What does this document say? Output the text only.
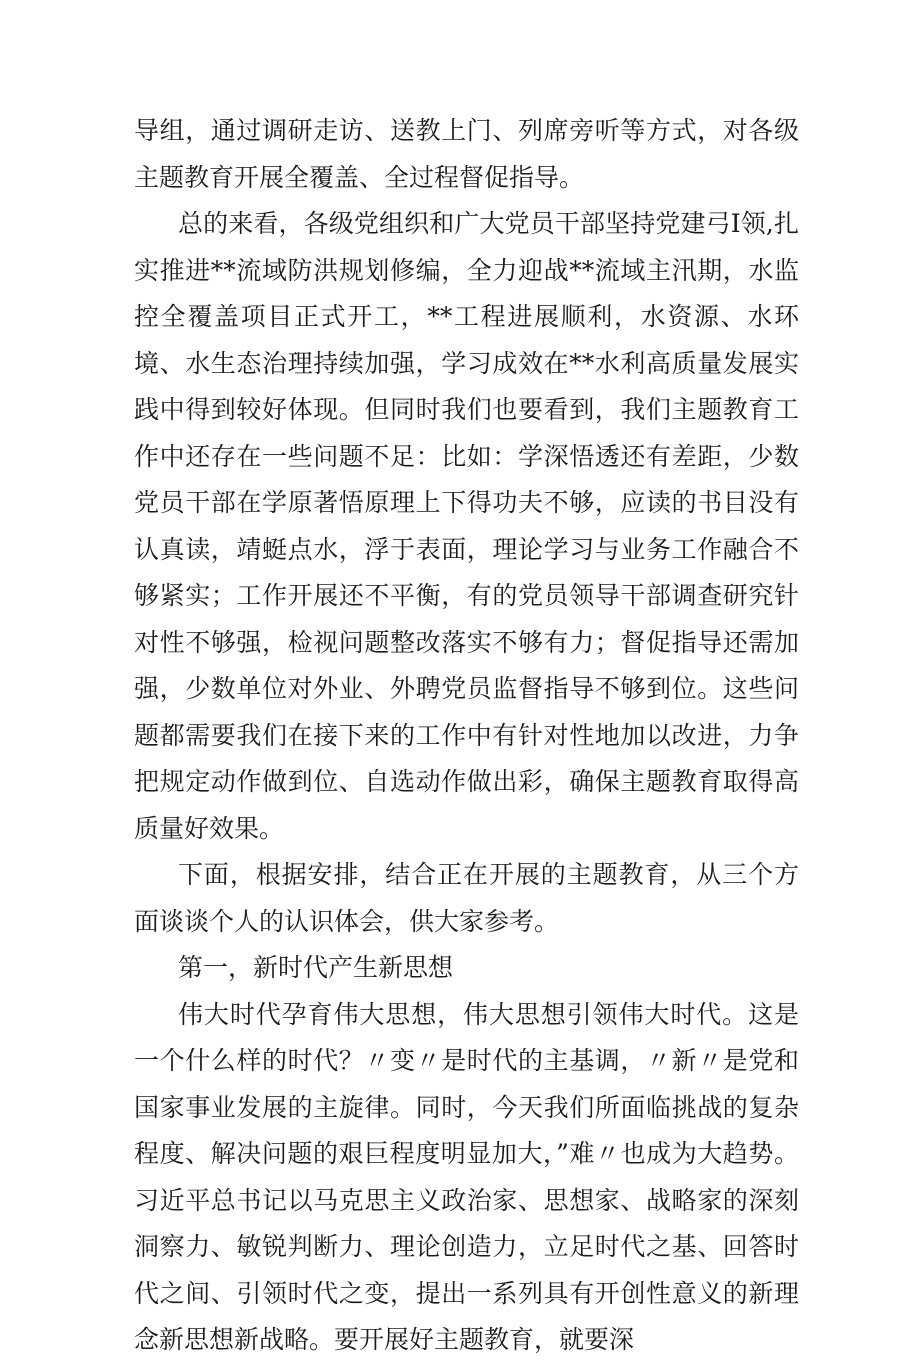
导组，通过调研走访、送教上门、列席旁听等方式，对各级主题教育开展全覆盖、全过程督促指导。

总的来看，各级党组织和广大党员干部坚持党建弓I领,扎实推进**流域防洪规划修编，全力迎战**流域主汛期，水监控全覆盖项目正式开工，**工程进展顺利，水资源、水环境、水生态治理持续加强，学习成效在**水利高质量发展实践中得到较好体现。但同时我们也要看到，我们主题教育工作中还存在一些问题不足：比如：学深悟透还有差距，少数党员干部在学原著悟原理上下得功夫不够，应读的书目没有认真读，靖蜓点水，浮于表面，理论学习与业务工作融合不够紧实；工作开展还不平衡，有的党员领导干部调查研究针对性不够强，检视问题整改落实不够有力；督促指导还需加强，少数单位对外业、外聘党员监督指导不够到位。这些问题都需要我们在接下来的工作中有针对性地加以改进，力争把规定动作做到位、自选动作做出彩，确保主题教育取得高质量好效果。

下面，根据安排，结合正在开展的主题教育，从三个方面谈谈个人的认识体会，供大家参考。

第一，新时代产生新思想

伟大时代孕育伟大思想，伟大思想引领伟大时代。这是一个什么样的时代？〃变〃是时代的主基调，〃新〃是党和国家事业发展的主旋律。同时，今天我们所面临挑战的复杂程度、解决问题的艰巨程度明显加大，”难〃也成为大趋势。习近平总书记以马克思主义政治家、思想家、战略家的深刻洞察力、敏锐判断力、理论创造力，立足时代之基、回答时代之间、引领时代之变，提出一系列具有开创性意义的新理念新思想新战略。要开展好主题教育，就要深
